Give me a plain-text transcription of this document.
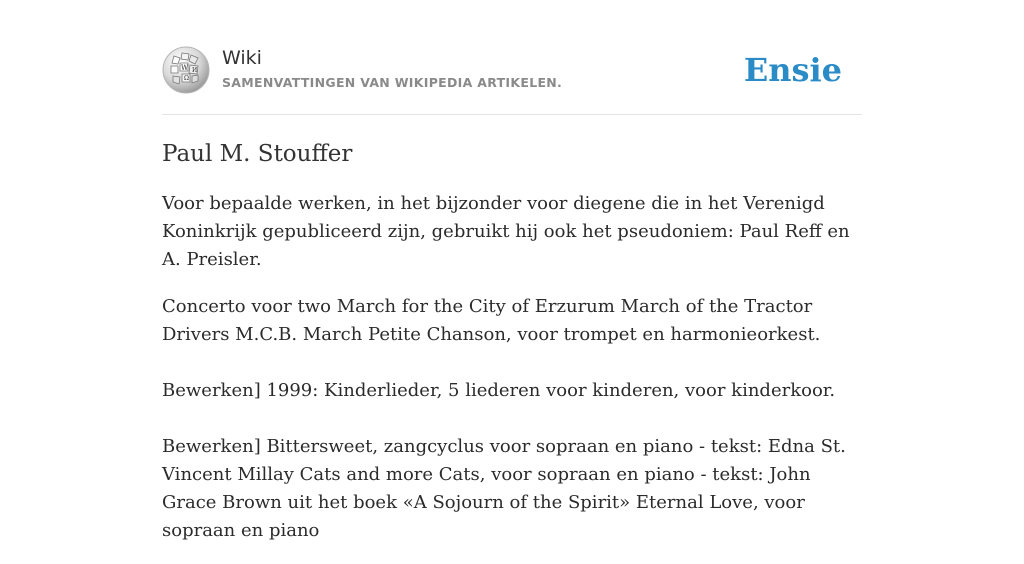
W
Ω
И
Wiki
SAMENVATTINGEN VAN WIKIPEDIA ARTIKELEN.	Ensie
Paul M. Stouffer

Voor bepaalde werken, in het bijzonder voor diegene die in het Verenigd Koninkrijk gepubliceerd zijn, gebruikt hij ook het pseudoniem: Paul Reff en A. Preisler.

Concerto voor two March for the City of Erzurum March of the Tractor Drivers M.C.B. March Petite Chanson, voor trompet en harmonieorkest.

Bewerken] 1999: Kinderlieder, 5 liederen voor kinderen, voor kinderkoor.

Bewerken] Bittersweet, zangcyclus voor sopraan en piano - tekst: Edna St. Vincent Millay Cats and more Cats, voor sopraan en piano - tekst: John Grace Brown uit het boek «A Sojourn of the Spirit» Eternal Love, voor sopraan en piano
